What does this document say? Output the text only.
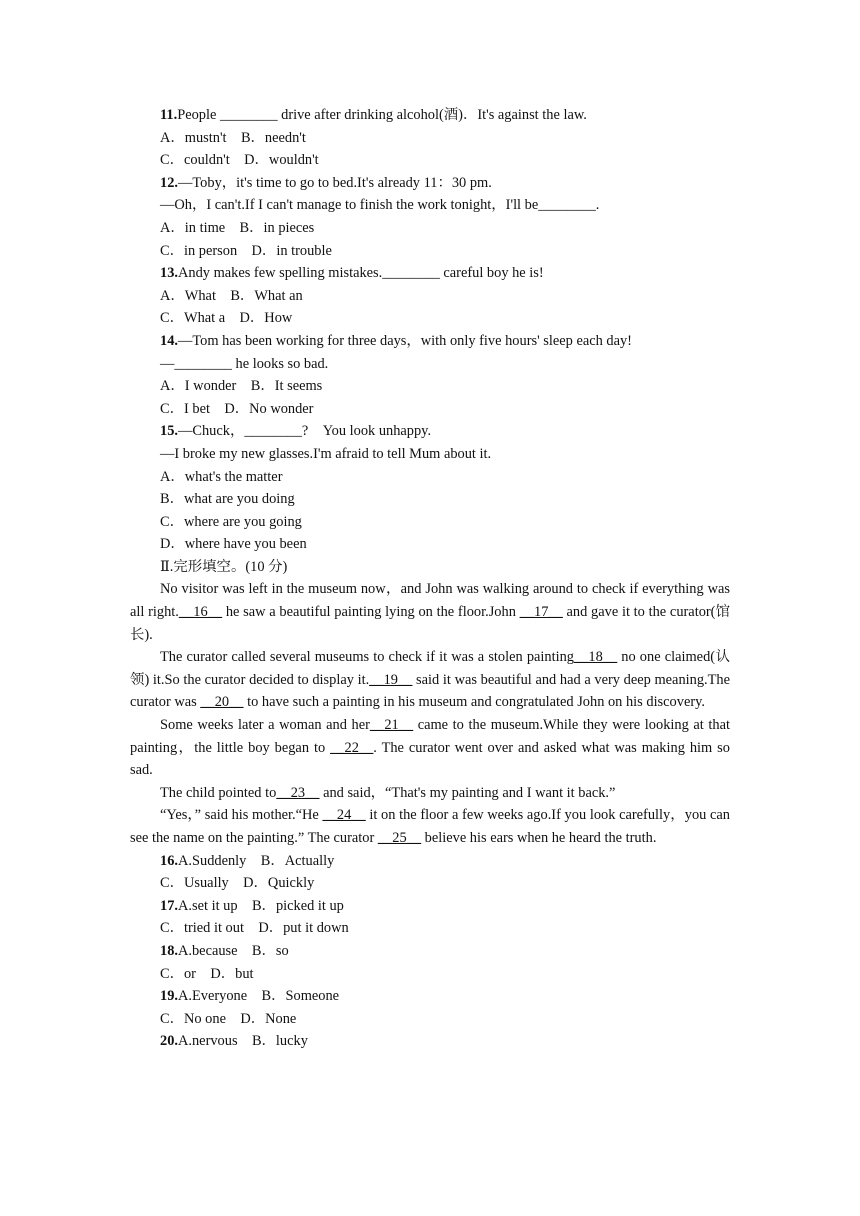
11.People ________ drive after drinking alcohol(酒)．It's against the law.
A．mustn't　B．needn't
C．couldn't　D．wouldn't
12.—Toby，it's time to go to bed.It's already 11：30 pm.
—Oh，I can't.If I can't manage to finish the work tonight，I'll be________.
A．in time　B．in pieces
C．in person　D．in trouble
13.Andy makes few spelling mistakes.________ careful boy he is!
A．What　B．What an
C．What a　D．How
14.—Tom has been working for three days，with only five hours' sleep each day!
—________ he looks so bad.
A．I wonder　B．It seems
C．I bet　D．No wonder
15.—Chuck，________?　You look unhappy.
—I broke my new glasses.I'm afraid to tell Mum about it.
A．what's the matter
B．what are you doing
C．where are you going
D．where have you been
Ⅱ.完形填空。(10 分)

No visitor was left in the museum now，and John was walking around to check if everything was all right.__16__ he saw a beautiful painting lying on the floor.John __17__ and gave it to the curator(馆长).

The curator called several museums to check if it was a stolen painting__18__ no one claimed(认领) it.So the curator decided to display it.__19__ said it was beautiful and had a very deep meaning.The curator was __20__ to have such a painting in his museum and congratulated John on his discovery.

Some weeks later a woman and her__21__ came to the museum.While they were looking at that painting，the little boy began to __22__. The curator went over and asked what was making him so sad.

The child pointed to__23__ and said，“That's my painting and I want it back.”

“Yes，” said his mother.“He __24__ it on the floor a few weeks ago.If you look carefully，you can see the name on the painting.” The curator __25__ believe his ears when he heard the truth.

16.A.Suddenly　B．Actually
C．Usually　D．Quickly
17.A.set it up　B．picked it up
C．tried it out　D．put it down
18.A.because　B．so
C．or　D．but
19.A.Everyone　B．Someone
C．No one　D．None
20.A.nervous　B．lucky
